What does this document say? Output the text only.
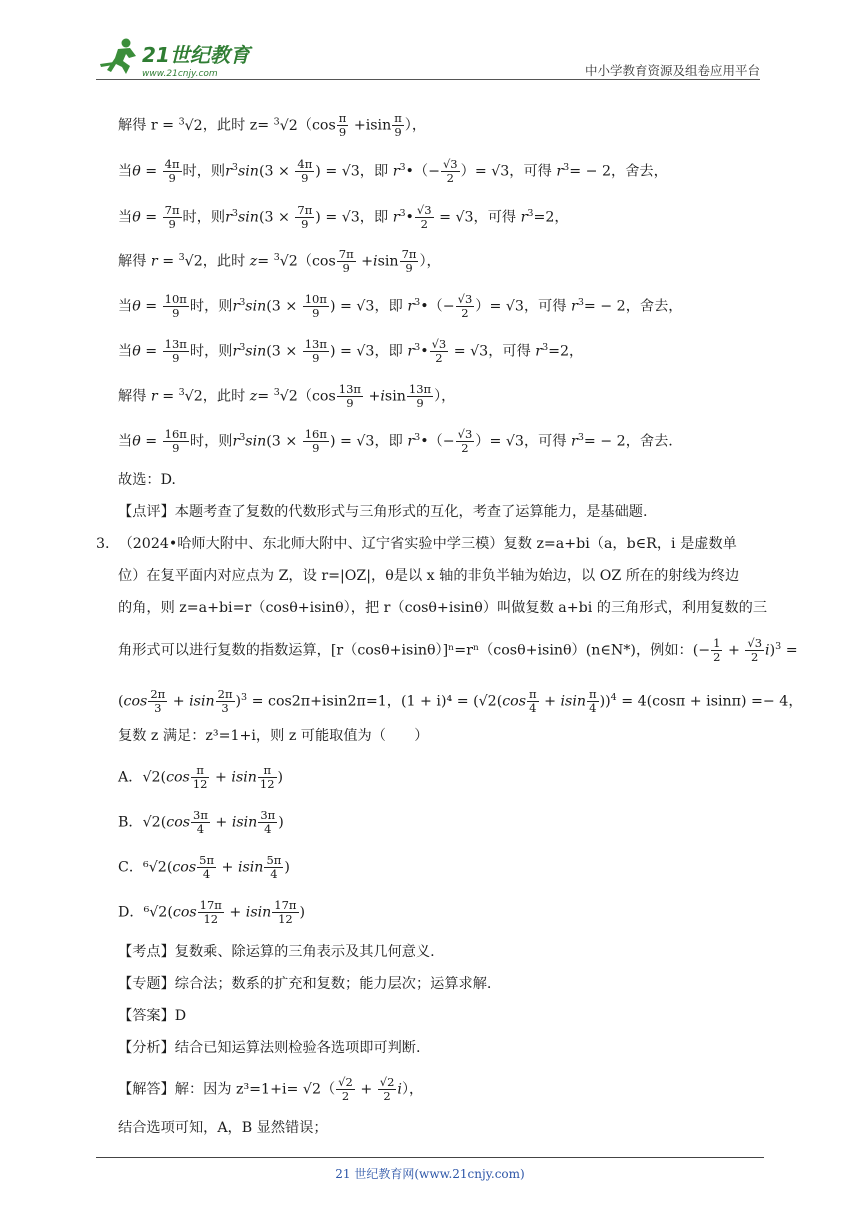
21世纪教育
www.21cnjy.com	中小学教育资源及组卷应用平台
解得 r = $^3$√2，此时 $z= ^3√2(\cos \frac{\pi}{9} +isin \frac{\pi}{9}$ ），
当$\theta = \frac{4\pi}{9}$ 时，则$r^3\sin(3 \times \frac{4\pi}{9}$ ) = √3，即 $r^3•(- \frac{√3}{2}$ ）= √3，可得 $r^3= - 2$，舍去，
当$\theta = \frac{7\pi}{9}$ 时，则$r^3\sin(3 \times \frac{7\pi}{9}$ ) = √3，即 $r^3• \frac{√3}{2} = √3$，可得 $r^3=2$，
解得 r = $^3$√2，此时 $z= ^3√2(\cos \frac{7\pi}{9} +isin \frac{7\pi}{9}$ ），
当$\theta = \frac{10\pi}{9}$ 时，则$r^3\sin(3 \times \frac{10\pi}{9}$ ) = √3，即 $r^3•(- \frac{√3}{2}$ ）= √3，可得 $r^3= - 2$，舍去，
当$\theta = \frac{13\pi}{9}$ 时，则$r^3\sin(3 \times \frac{13\pi}{9}$ ) = √3，即 $r^3• \frac{√3}{2} = √3$，可得 $r^3=2$，
解得 r = $^3$√2，此时 $z= ^3√2(\cos \frac{13\pi}{9} +isin \frac{13\pi}{9}$ ），
当$\theta = \frac{16\pi}{9}$ 时，则$r^3\sin(3 \times \frac{16\pi}{9}$ ) = √3，即 $r^3•(- \frac{√3}{2}$ ）= √3，可得 $r^3= - 2$，舍去.
故选：D.
【点评】本题考查了复数的代数形式与三角形式的互化，考查了运算能力，是基础题.
3. （2024•哈师大附中、东北师大附中、辽宁省实验中学三模）复数 z=a+bi（a，b∈R，i 是虚数单
位）在复平面内对应点为 Z，设 r=|OZ|，θ是以 x 轴的非负半轴为始边，以 OZ 所在的射线为终边
的角，则 z=a+bi=r（cosθ+isinθ），把 r（cosθ+isinθ）叫做复数 a+bi 的三角形式，利用复数的三
角形式可以进行复数的指数运算，[r（cosθ+isinθ）]ⁿ=rⁿ（cosθ+isinθ）(n∈N*)，例如：(− $\frac{1}{2} + \frac{√3}{2} i)^3$ =
$(\cos \frac{2\pi}{3} + isin \frac{2\pi}{3} )^3 = \cos 2\pi+isin2\pi=1$，$(1 + i)^4 = (√2(\cos \frac{\pi}{4} + isin \frac{\pi}{4} ))^4 = 4(\cos\pi + isin\pi) =- 4$，
复数 z 满足：z³=1+i，则 z 可能取值为（　　）
A．$√2(\cos \frac{\pi}{12} + isin \frac{\pi}{12}$ )
B．$√2(\cos \frac{3\pi}{4} + isin \frac{3\pi}{4}$ )
C．$^6√2(\cos \frac{5\pi}{4} + isin \frac{5\pi}{4}$ )
D．$^6√2(\cos \frac{17\pi}{12} + isin \frac{17\pi}{12}$ )
【考点】复数乘、除运算的三角表示及其几何意义.
【专题】综合法；数系的扩充和复数；能力层次；运算求解.
【答案】D
【分析】结合已知运算法则检验各选项即可判断.
【解答】解：因为 $z^3=1+i= √2( \frac{√2}{2} + \frac{√2}{2} i)$，
结合选项可知，A，B 显然错误；
21 世纪教育网(www.21cnjy.com)
